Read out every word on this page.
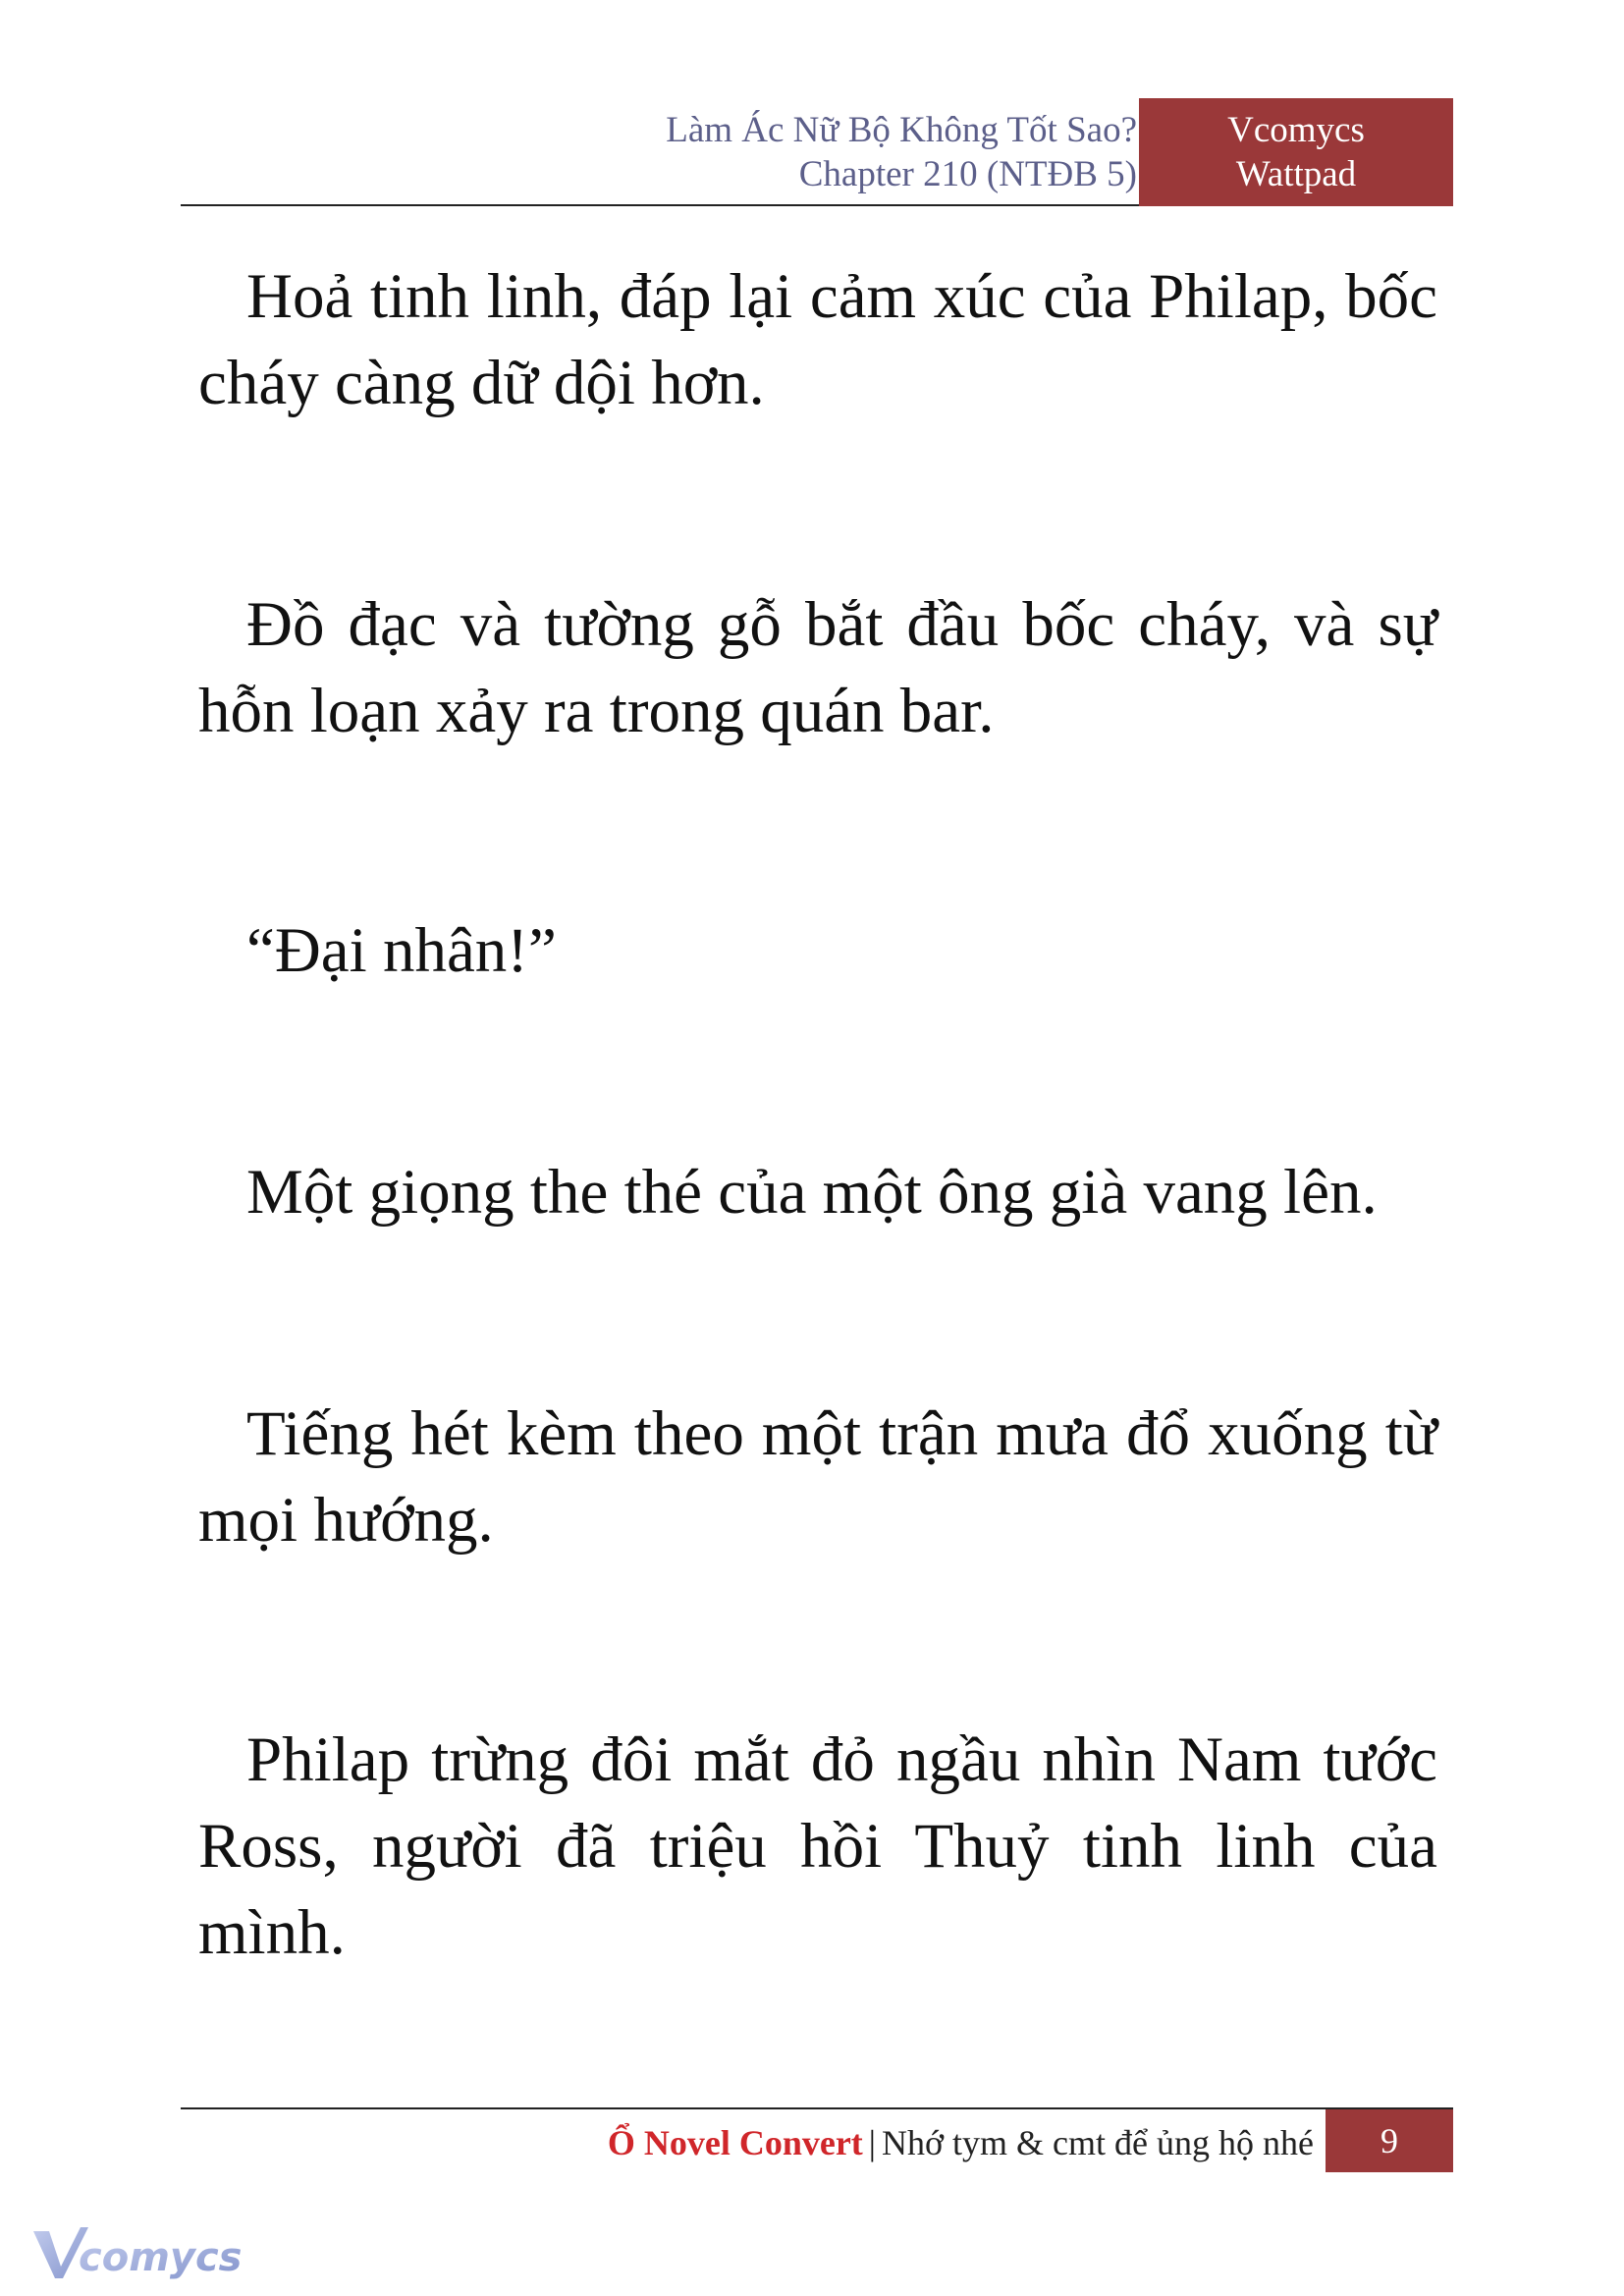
Làm Ác Nữ Bộ Không Tốt Sao?
Chapter 210 (NTĐB 5)
Vcomycs
Wattpad

Hoả tinh linh, đáp lại cảm xúc của Philap, bốc cháy càng dữ dội hơn.

Đồ đạc và tường gỗ bắt đầu bốc cháy, và sự hỗn loạn xảy ra trong quán bar.

“Đại nhân!”

Một giọng the thé của một ông già vang lên.

Tiếng hét kèm theo một trận mưa đổ xuống từ mọi hướng.

Philap trừng đôi mắt đỏ ngầu nhìn Nam tước Ross, người đã triệu hồi Thuỷ tinh linh của mình.

Ổ Novel Convert | Nhớ tym & cmt để ủng hộ nhé	9
comycs
